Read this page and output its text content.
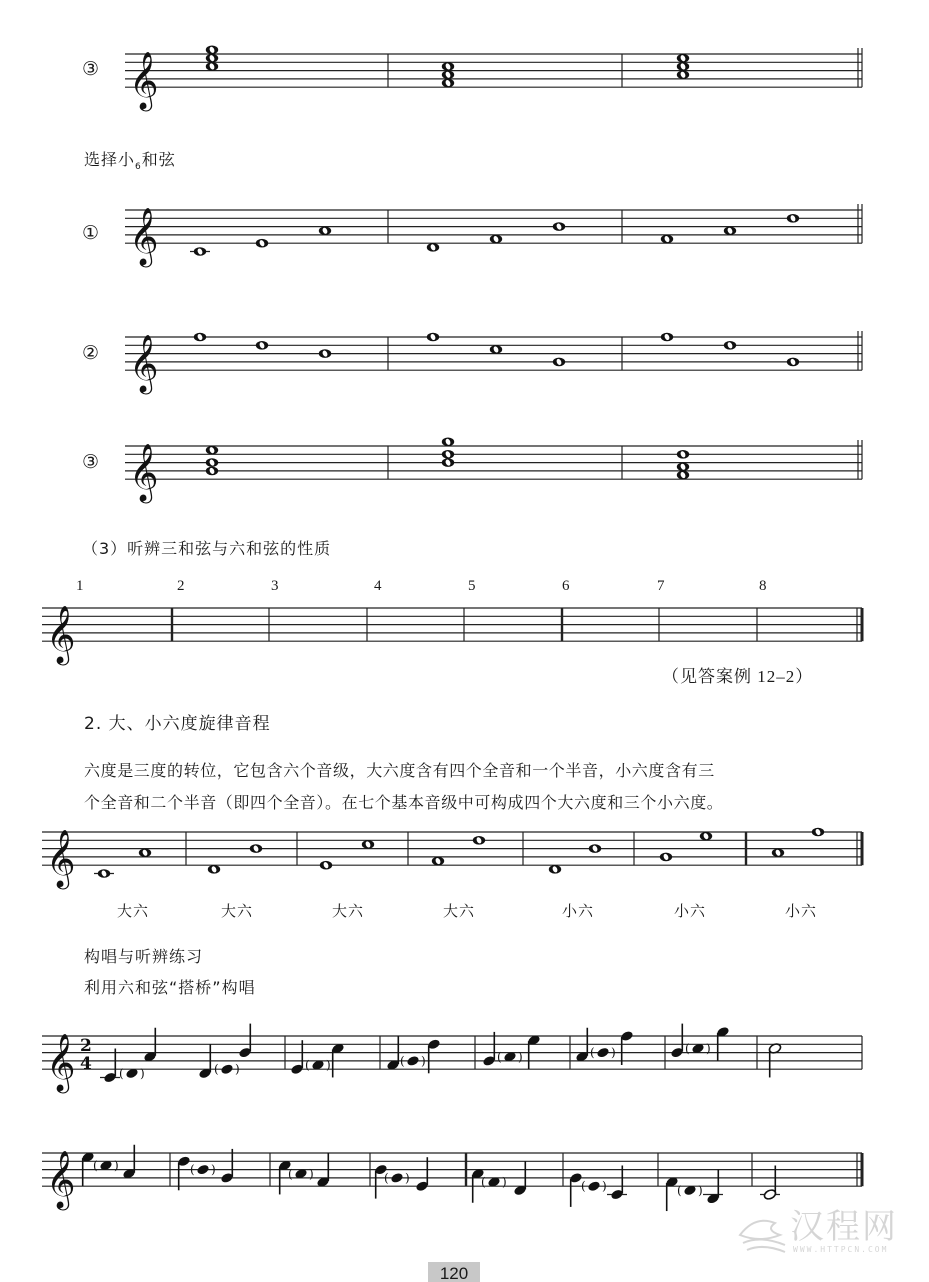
③
选择小$_6$和弦
①
②
③
（3）听辨三和弦与六和弦的性质
（见答案例 12–2）
2. 大、小六度旋律音程
六度是三度的转位，它包含六个音级，大六度含有四个全音和一个半音，小六度含有三
个全音和二个半音（即四个全音）。在七个基本音级中可构成四个大六度和三个小六度。
构唱与听辨练习
利用六和弦“搭桥”构唱
大六	大六	大六	大六	小六	小六	小六
1	2	3	4	5	6	7	8
𝄞
𝄞
𝄞
𝄞
𝄞
𝄞
𝄞 2
4 ( )	( )	( )	( )	( )	( )	( )
𝄞 ( )	( )	( )	( )	( )	( )	( )
汉程网
WWW.HTTPCN.COM
120
